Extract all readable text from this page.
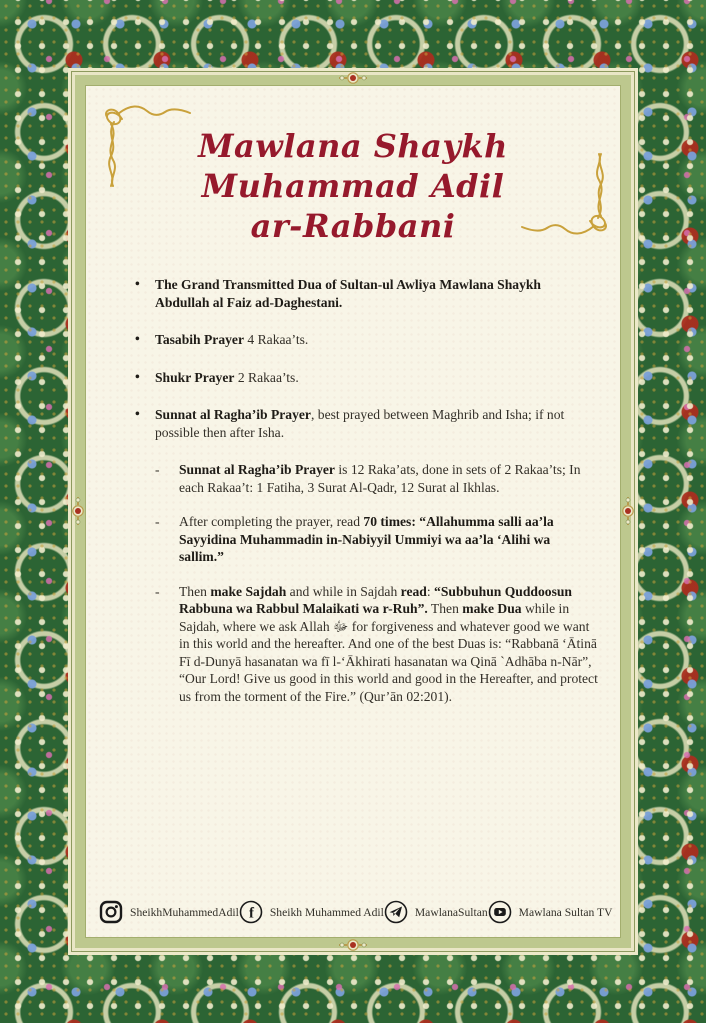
Mawlana Shaykh Muhammad Adil
ar-Rabbani
• The Grand Transmitted Dua of Sultan-ul Awliya Mawlana Shaykh Abdullah al Faiz ad-Daghestani.
• Tasabih Prayer 4 Rakaa’ts.
• Shukr Prayer 2 Rakaa’ts.
• Sunnat al Ragha’ib Prayer, best prayed between Maghrib and Isha; if not possible then after Isha.
- Sunnat al Ragha’ib Prayer is 12 Raka’ats, done in sets of 2 Rakaa’ts; In each Rakaa’t: 1 Fatiha, 3 Surat Al-Qadr, 12 Surat al Ikhlas.
- After completing the prayer, read 70 times: “Allahumma salli aa’la Sayyidina Muhammadin in-Nabiyyil Ummiyi wa aa’la ‘Alihi wa sallim.”
- Then make Sajdah and while in Sajdah read: “Subbuhun Quddoosun Rabbuna wa Rabbul Malaikati wa r-Ruh”. Then make Dua while in Sajdah, where we ask Allah ﷻ for forgiveness and whatever good we want in this world and the hereafter. And one of the best Duas is: “Rabbanā ‘Ātinā Fī d-Dunyā hasanatan wa fī l-‘Ākhirati hasanatan wa Qinā `Adhāba n-Nār”, “Our Lord! Give us good in this world and good in the Hereafter, and protect us from the torment of the Fire.” (Qur’ān 02:201).
SheikhMuhammedAdil f Sheikh Muhammed Adil	MawlanaSultan	Mawlana Sultan TV
